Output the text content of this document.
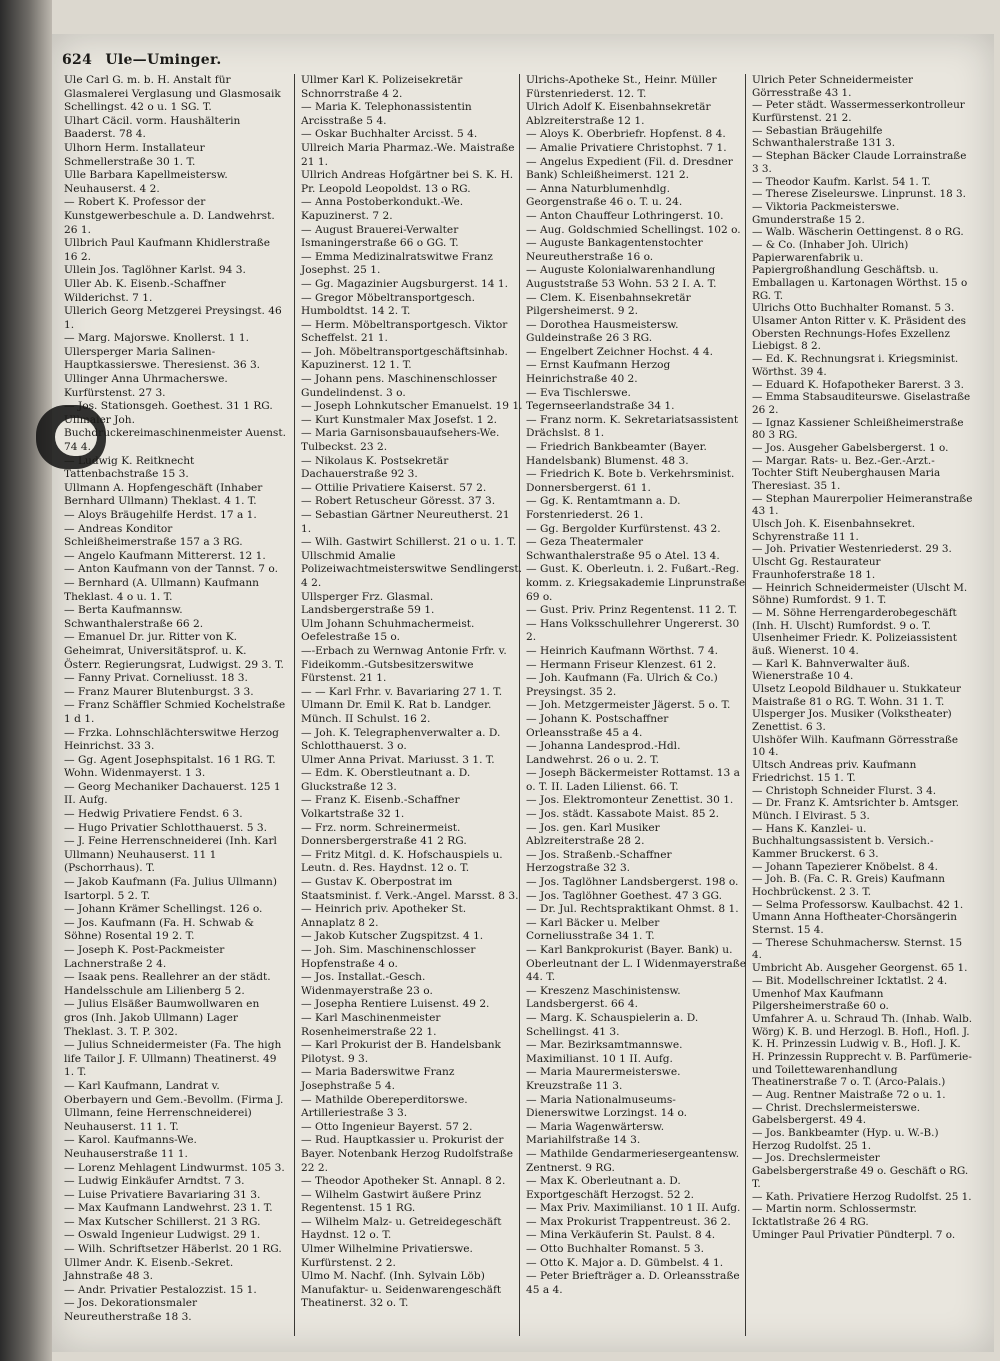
624 Ule—Uminger.

Ule Carl G. m. b. H. Anstalt für Glasmalerei Verglasung und Glasmosaik Schellingst. 42 o u. 1 SG. T.

Ulhart Cäcil. vorm. Haushälterin Baaderst. 78 4.

Ulhorn Herm. Installateur Schmellerstraße 30 1. T.

Ulle Barbara Kapellmeistersw. Neuhauserst. 4 2.

— Robert K. Professor der Kunstgewerbeschule a. D. Landwehrst. 26 1.

Ullbrich Paul Kaufmann Khidlerstraße 16 2.

Ullein Jos. Taglöhner Karlst. 94 3.

Uller Ab. K. Eisenb.-Schaffner Wilderichst. 7 1.

Ullerich Georg Metzgerei Preysingst. 46 1.

— Marg. Majorswe. Knollerst. 1 1.

Ullersperger Maria Salinen-Hauptkassierswe. Theresienst. 36 3.

Ullinger Anna Uhrmacherswe. Kurfürstenst. 27 3.

— Jos. Stationsgeh. Goethest. 31 1 RG.

Ullmaier Joh. Buchdruckereimaschinenmeister Auenst. 74 4.

— Ludwig K. Reitknecht Tattenbachstraße 15 3.

Ullmann A. Hopfengeschäft (Inhaber Bernhard Ullmann) Theklast. 4 1. T.

— Aloys Bräugehilfe Herdst. 17 a 1.

— Andreas Konditor Schleißheimerstraße 157 a 3 RG.

— Angelo Kaufmann Mittererst. 12 1.

— Anton Kaufmann von der Tannst. 7 o.

— Bernhard (A. Ullmann) Kaufmann Theklast. 4 o u. 1. T.

— Berta Kaufmannsw. Schwanthalerstraße 66 2.

— Emanuel Dr. jur. Ritter von K. Geheimrat, Universitätsprof. u. K. Österr. Regierungsrat, Ludwigst. 29 3. T.

— Fanny Privat. Corneliusst. 18 3.

— Franz Maurer Blutenburgst. 3 3.

— Franz Schäffler Schmied Kochelstraße 1 d 1.

— Frzka. Lohnschlächterswitwe Herzog Heinrichst. 33 3.

— Gg. Agent Josephspitalst. 16 1 RG. T. Wohn. Widenmayerst. 1 3.

— Georg Mechaniker Dachauerst. 125 1 II. Aufg.

— Hedwig Privatiere Fendst. 6 3.

— Hugo Privatier Schlotthauerst. 5 3.

— J. Feine Herrenschneiderei (Inh. Karl Ullmann) Neuhauserst. 11 1 (Pschorrhaus). T.

— Jakob Kaufmann (Fa. Julius Ullmann) Isartorpl. 5 2. T.

— Johann Krämer Schellingst. 126 o.

— Jos. Kaufmann (Fa. H. Schwab & Söhne) Rosental 19 2. T.

— Joseph K. Post-Packmeister Lachnerstraße 2 4.

— Isaak pens. Reallehrer an der städt. Handelsschule am Lilienberg 5 2.

— Julius Elsäßer Baumwollwaren en gros (Inh. Jakob Ullmann) Lager Theklast. 3. T. P. 302.

— Julius Schneidermeister (Fa. The high life Tailor J. F. Ullmann) Theatinerst. 49 1. T.

— Karl Kaufmann, Landrat v. Oberbayern und Gem.-Bevollm. (Firma J. Ullmann, feine Herrenschneiderei) Neuhauserst. 11 1. T.

— Karol. Kaufmanns-We. Neuhauserstraße 11 1.

— Lorenz Mehlagent Lindwurmst. 105 3.

— Ludwig Einkäufer Arndtst. 7 3.

— Luise Privatiere Bavariaring 31 3.

— Max Kaufmann Landwehrst. 23 1. T.

— Max Kutscher Schillerst. 21 3 RG.

— Oswald Ingenieur Ludwigst. 29 1.

— Wilh. Schriftsetzer Häberlst. 20 1 RG.

Ullmer Andr. K. Eisenb.-Sekret. Jahnstraße 48 3.

— Andr. Privatier Pestalozzist. 15 1.

— Jos. Dekorationsmaler Neureutherstraße 18 3.

Ullmer Karl K. Polizeisekretär Schnorrstraße 4 2.

— Maria K. Telephonassistentin Arcisstraße 5 4.

— Oskar Buchhalter Arcisst. 5 4.

Ullreich Maria Pharmaz.-We. Maistraße 21 1.

Ullrich Andreas Hofgärtner bei S. K. H. Pr. Leopold Leopoldst. 13 o RG.

— Anna Postoberkondukt.-We. Kapuzinerst. 7 2.

— August Brauerei-Verwalter Ismaningerstraße 66 o GG. T.

— Emma Medizinalratswitwe Franz Josephst. 25 1.

— Gg. Magazinier Augsburgerst. 14 1.

— Gregor Möbeltransportgesch. Humboldtst. 14 2. T.

— Herm. Möbeltransportgesch. Viktor Scheffelst. 21 1.

— Joh. Möbeltransportgeschäftsinhab. Kapuzinerst. 12 1. T.

— Johann pens. Maschinenschlosser Gundelindenst. 3 o.

— Joseph Lohnkutscher Emanuelst. 19 1.

— Kurt Kunstmaler Max Josefst. 1 2.

— Maria Garnisonsbauaufsehers-We. Tulbeckst. 23 2.

— Nikolaus K. Postsekretär Dachauerstraße 92 3.

— Ottilie Privatiere Kaiserst. 57 2.

— Robert Retuscheur Göresst. 37 3.

— Sebastian Gärtner Neureutherst. 21 1.

— Wilh. Gastwirt Schillerst. 21 o u. 1. T.

Ullschmid Amalie Polizeiwachtmeisterswitwe Sendlingerst. 4 2.

Ullsperger Frz. Glasmal. Landsbergerstraße 59 1.

Ulm Johann Schuhmachermeist. Oefelestraße 15 o.

—-Erbach zu Wernwag Antonie Frfr. v. Fideikomm.-Gutsbesitzerswitwe Fürstenst. 21 1.

— — Karl Frhr. v. Bavariaring 27 1. T.

Ulmann Dr. Emil K. Rat b. Landger. Münch. II Schulst. 16 2.

— Joh. K. Telegraphenverwalter a. D. Schlotthauerst. 3 o.

Ulmer Anna Privat. Mariusst. 3 1. T.

— Edm. K. Oberstleutnant a. D. Gluckstraße 12 3.

— Franz K. Eisenb.-Schaffner Volkartstraße 32 1.

— Frz. norm. Schreinermeist. Donnersbergerstraße 41 2 RG.

— Fritz Mitgl. d. K. Hofschauspiels u. Leutn. d. Res. Haydnst. 12 o. T.

— Gustav K. Oberpostrat im Staatsminist. f. Verk.-Angel. Marsst. 8 3.

— Heinrich priv. Apotheker St. Annaplatz 8 2.

— Jakob Kutscher Zugspitzst. 4 1.

— Joh. Sim. Maschinenschlosser Hopfenstraße 4 o.

— Jos. Installat.-Gesch. Widenmayerstraße 23 o.

— Josepha Rentiere Luisenst. 49 2.

— Karl Maschinenmeister Rosenheimerstraße 22 1.

— Karl Prokurist der B. Handelsbank Pilotyst. 9 3.

— Maria Baderswitwe Franz Josephstraße 5 4.

— Mathilde Obereperditorswe. Artilleriestraße 3 3.

— Otto Ingenieur Bayerst. 57 2.

— Rud. Hauptkassier u. Prokurist der Bayer. Notenbank Herzog Rudolfstraße 22 2.

— Theodor Apotheker St. Annapl. 8 2.

— Wilhelm Gastwirt äußere Prinz Regentenst. 15 1 RG.

— Wilhelm Malz- u. Getreidegeschäft Haydnst. 12 o. T.

Ulmer Wilhelmine Privatierswe. Kurfürstenst. 2 2.

Ulmo M. Nachf. (Inh. Sylvain Löb) Manufaktur- u. Seidenwarengeschäft Theatinerst. 32 o. T.

Ulrichs-Apotheke St., Heinr. Müller Fürstenriederst. 12. T.

Ulrich Adolf K. Eisenbahnsekretär Ablzreiterstraße 12 1.

— Aloys K. Oberbriefr. Hopfenst. 8 4.

— Amalie Privatiere Christophst. 7 1.

— Angelus Expedient (Fil. d. Dresdner Bank) Schleißheimerst. 121 2.

— Anna Naturblumenhdlg. Georgenstraße 46 o. T. u. 24.

— Anton Chauffeur Lothringerst. 10.

— Aug. Goldschmied Schellingst. 102 o.

— Auguste Bankagentenstochter Neureutherstraße 16 o.

— Auguste Kolonialwarenhandlung Auguststraße 53 Wohn. 53 2 I. A. T.

— Clem. K. Eisenbahnsekretär Pilgersheimerst. 9 2.

— Dorothea Hausmeistersw. Guldeinstraße 26 3 RG.

— Engelbert Zeichner Hochst. 4 4.

— Ernst Kaufmann Herzog Heinrichstraße 40 2.

— Eva Tischlerswe. Tegernseerlandstraße 34 1.

— Franz norm. K. Sekretariatsassistent Drächslst. 8 1.

— Friedrich Bankbeamter (Bayer. Handelsbank) Blumenst. 48 3.

— Friedrich K. Bote b. Verkehrsminist. Donnersbergerst. 61 1.

— Gg. K. Rentamtmann a. D. Forstenriederst. 26 1.

— Gg. Bergolder Kurfürstenst. 43 2.

— Geza Theatermaler Schwanthalerstraße 95 o Atel. 13 4.

— Gust. K. Oberleutn. i. 2. Fußart.-Reg. komm. z. Kriegsakademie Linprunstraße 69 o.

— Gust. Priv. Prinz Regentenst. 11 2. T.

— Hans Volksschullehrer Ungererst. 30 2.

— Heinrich Kaufmann Wörthst. 7 4.

— Hermann Friseur Klenzest. 61 2.

— Joh. Kaufmann (Fa. Ulrich & Co.) Preysingst. 35 2.

— Joh. Metzgermeister Jägerst. 5 o. T.

— Johann K. Postschaffner Orleansstraße 45 a 4.

— Johanna Landesprod.-Hdl. Landwehrst. 26 o u. 2. T.

— Joseph Bäckermeister Rottamst. 13 a o. T. II. Laden Lilienst. 66. T.

— Jos. Elektromonteur Zenettist. 30 1.

— Jos. städt. Kassabote Maist. 85 2.

— Jos. gen. Karl Musiker Ablzreiterstraße 28 2.

— Jos. Straßenb.-Schaffner Herzogstraße 32 3.

— Jos. Taglöhner Landsbergerst. 198 o.

— Jos. Taglöhner Goethest. 47 3 GG.

— Dr. Jul. Rechtspraktikant Ohmst. 8 1.

— Karl Bäcker u. Melber Corneliusstraße 34 1. T.

— Karl Bankprokurist (Bayer. Bank) u. Oberleutnant der L. I Widenmayerstraße 44. T.

— Kreszenz Maschinistensw. Landsbergerst. 66 4.

— Marg. K. Schauspielerin a. D. Schellingst. 41 3.

— Mar. Bezirksamtmannswe. Maximilianst. 10 1 II. Aufg.

— Maria Maurermeisterswe. Kreuzstraße 11 3.

— Maria Nationalmuseums-Dienerswitwe Lorzingst. 14 o.

— Maria Wagenwärtersw. Mariahilfstraße 14 3.

— Mathilde Gendarmeriesergeantensw. Zentnerst. 9 RG.

— Max K. Oberleutnant a. D. Exportgeschäft Herzogst. 52 2.

— Max Priv. Maximilianst. 10 1 II. Aufg.

— Max Prokurist Trappentreust. 36 2.

— Mina Verkäuferin St. Paulst. 8 4.

— Otto Buchhalter Romanst. 5 3.

— Otto K. Major a. D. Gümbelst. 4 1.

— Peter Briefträger a. D. Orleansstraße 45 a 4.

Ulrich Peter Schneidermeister Görresstraße 43 1.

— Peter städt. Wassermesserkontrolleur Kurfürstenst. 21 2.

— Sebastian Bräugehilfe Schwanthalerstraße 131 3.

— Stephan Bäcker Claude Lorrainstraße 3 3.

— Theodor Kaufm. Karlst. 54 1. T.

— Therese Ziseleurswe. Linprunst. 18 3.

— Viktoria Packmeisterswe. Gmunderstraße 15 2.

— Walb. Wäscherin Oettingenst. 8 o RG.

— & Co. (Inhaber Joh. Ulrich) Papierwarenfabrik u. Papiergroßhandlung Geschäftsb. u. Emballagen u. Kartonagen Wörthst. 15 o RG. T.

Ulrichs Otto Buchhalter Romanst. 5 3.

Ulsamer Anton Ritter v. K. Präsident des Obersten Rechnungs-Hofes Exzellenz Liebigst. 8 2.

— Ed. K. Rechnungsrat i. Kriegsminist. Wörthst. 39 4.

— Eduard K. Hofapotheker Barerst. 3 3.

— Emma Stabsauditeurswe. Giselastraße 26 2.

— Ignaz Kassiener Schleißheimerstraße 80 3 RG.

— Jos. Ausgeher Gabelsbergerst. 1 o.

— Margar. Rats- u. Bez.-Ger.-Arzt.-Tochter Stift Neuberghausen Maria Theresiast. 35 1.

— Stephan Maurerpolier Heimeranstraße 43 1.

Ulsch Joh. K. Eisenbahnsekret. Schyrenstraße 11 1.

— Joh. Privatier Westenriederst. 29 3.

Ulscht Gg. Restaurateur Fraunhoferstraße 18 1.

— Heinrich Schneidermeister (Ulscht M. Söhne) Rumfordst. 9 1. T.

— M. Söhne Herrengarderobegeschäft (Inh. H. Ulscht) Rumfordst. 9 o. T.

Ulsenheimer Friedr. K. Polizeiassistent äuß. Wienerst. 10 4.

— Karl K. Bahnverwalter äuß. Wienerstraße 10 4.

Ulsetz Leopold Bildhauer u. Stukkateur Maistraße 81 o RG. T. Wohn. 31 1. T.

Ulsperger Jos. Musiker (Volkstheater) Zenettist. 6 3.

Ulshöfer Wilh. Kaufmann Görresstraße 10 4.

Ultsch Andreas priv. Kaufmann Friedrichst. 15 1. T.

— Christoph Schneider Flurst. 3 4.

— Dr. Franz K. Amtsrichter b. Amtsger. Münch. I Elvirast. 5 3.

— Hans K. Kanzlei- u. Buchhaltungsassistent b. Versich.-Kammer Bruckerst. 6 3.

— Johann Tapezierer Knöbelst. 8 4.

— Joh. B. (Fa. C. R. Greis) Kaufmann Hochbrückenst. 2 3. T.

— Selma Professorsw. Kaulbachst. 42 1.

Umann Anna Hoftheater-Chorsängerin Sternst. 15 4.

— Therese Schuhmachersw. Sternst. 15 4.

Umbricht Ab. Ausgeher Georgenst. 65 1.

— Bit. Modellschreiner Icktatlst. 2 4.

Umenhof Max Kaufmann Pilgersheimerstraße 60 o.

Umfahrer A. u. Schraud Th. (Inhab. Walb. Wörg) K. B. und Herzogl. B. Hofl., Hofl. J. K. H. Prinzessin Ludwig v. B., Hofl. J. K. H. Prinzessin Rupprecht v. B. Parfümerie- und Toilettewarenhandlung Theatinerstraße 7 o. T. (Arco-Palais.)

— Aug. Rentner Maistraße 72 o u. 1.

— Christ. Drechslermeisterswe. Gabelsbergerst. 49 4.

— Jos. Bankbeamter (Hyp. u. W.-B.) Herzog Rudolfst. 25 1.

— Jos. Drechslermeister Gabelsbergerstraße 49 o. Geschäft o RG. T.

— Kath. Privatiere Herzog Rudolfst. 25 1.

— Martin norm. Schlossermstr. Icktatlstraße 26 4 RG.

Uminger Paul Privatier Pündterpl. 7 o.
